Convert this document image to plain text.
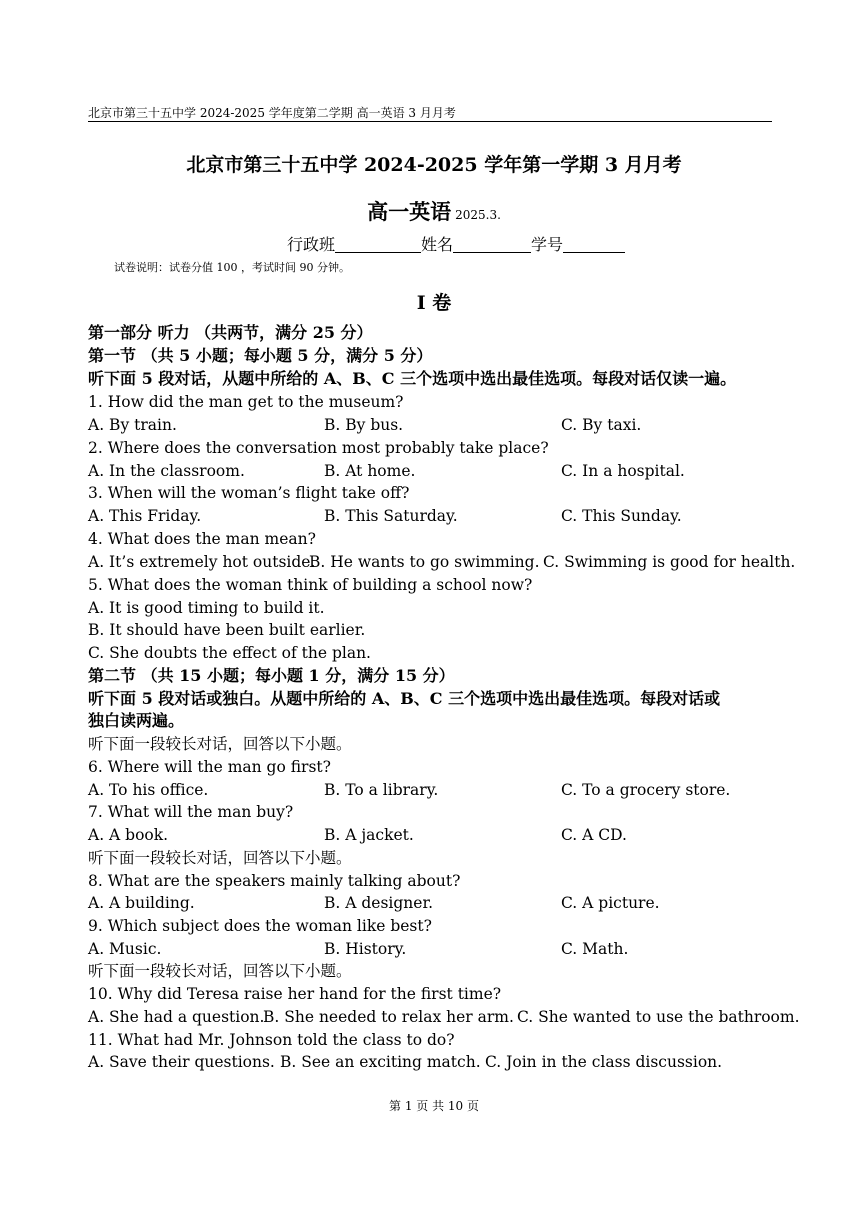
北京市第三十五中学 2024-2025 学年度第二学期 高一英语 3 月月考
北京市第三十五中学 2024-2025 学年第一学期 3 月月考
高一英语 2025.3.
行政班	姓名	学号
试卷说明：试卷分值 100 ，考试时间 90 分钟。
I 卷
第一部分 听力 （共两节，满分 25 分）
第一节 （共 5 小题；每小题 5 分，满分 5 分）
听下面 5 段对话，从题中所给的 A、B、C 三个选项中选出最佳选项。每段对话仅读一遍。
1. How did the man get to the museum?
A. By train.	B. By bus.	C. By taxi.
2. Where does the conversation most probably take place?
A. In the classroom.	B. At home.	C. In a hospital.
3. When will the woman’s flight take off?
A. This Friday.	B. This Saturday.	C. This Sunday.
4. What does the man mean?
A. It’s extremely hot outside.
B. He wants to go swimming. C. Swimming is good for health.
5. What does the woman think of building a school now?
A. It is good timing to build it.
B. It should have been built earlier.
C. She doubts the effect of the plan.
第二节 （共 15 小题；每小题 1 分，满分 15 分）
听下面 5 段对话或独白。从题中所给的 A、B、C 三个选项中选出最佳选项。每段对话或
独白读两遍。
听下面一段较长对话，回答以下小题。
6. Where will the man go first?
A. To his office.	B. To a library.	C. To a grocery store.
7. What will the man buy?
A. A book.	B. A jacket.	C. A CD.
听下面一段较长对话，回答以下小题。
8. What are the speakers mainly talking about?
A. A building.	B. A designer.	C. A picture.
9. Which subject does the woman like best?
A. Music.	B. History.	C. Math.
听下面一段较长对话，回答以下小题。
10. Why did Teresa raise her hand for the first time?
A. She had a question.
B. She needed to relax her arm. C. She wanted to use the bathroom.
11. What had Mr. Johnson told the class to do?
A. Save their questions. B. See an exciting match. C. Join in the class discussion.
第 1 页 共 10 页
